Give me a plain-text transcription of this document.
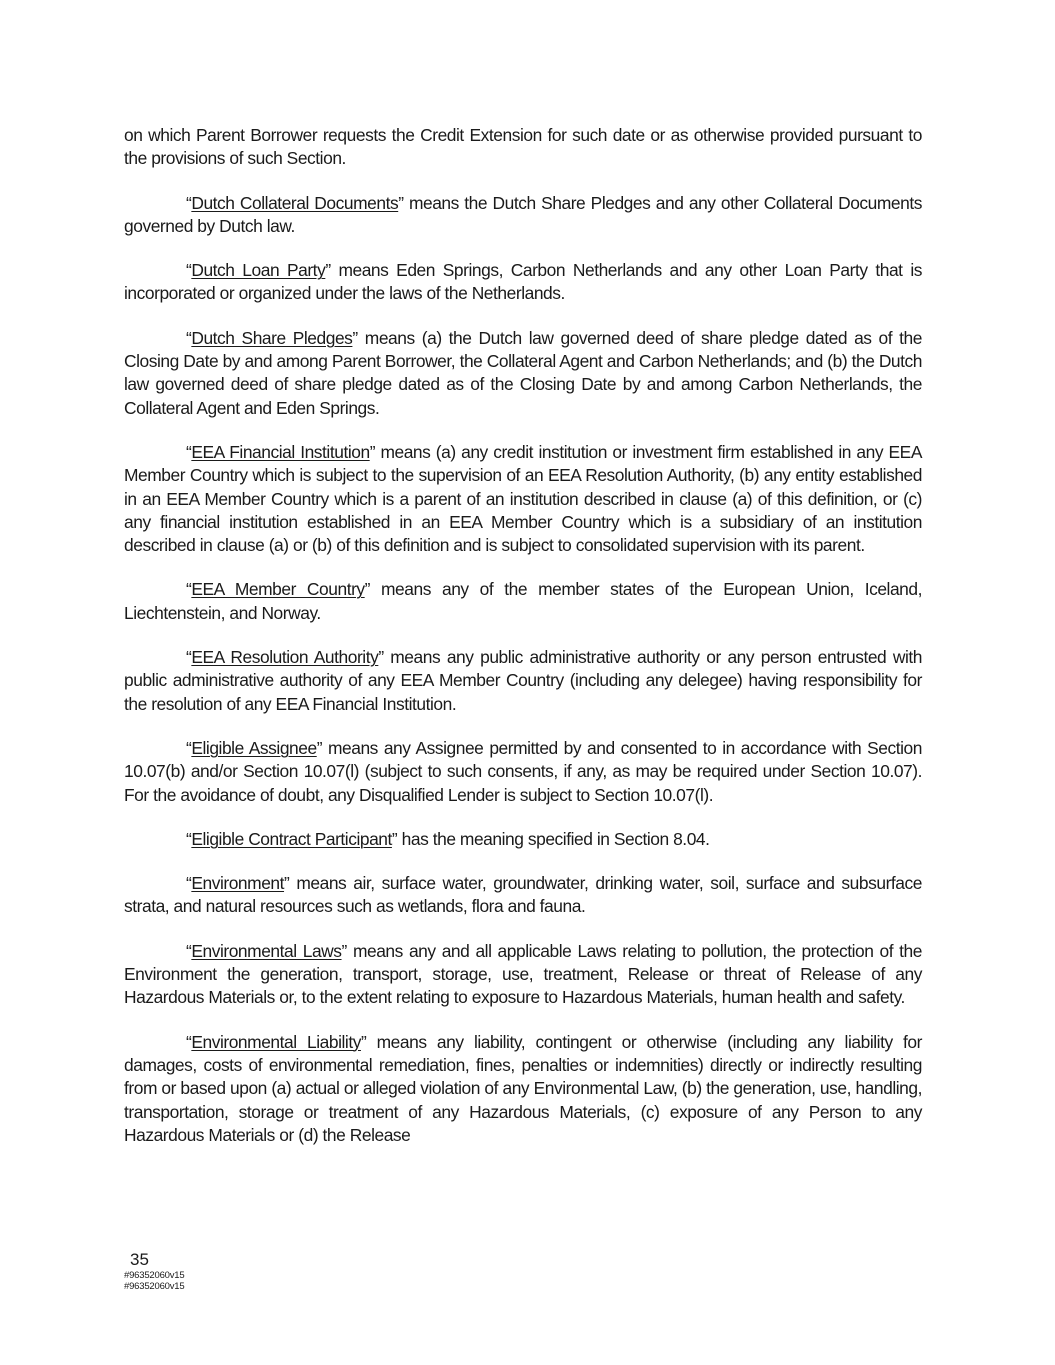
on which Parent Borrower requests the Credit Extension for such date or as otherwise provided pursuant to the provisions of such Section.

“Dutch Collateral Documents” means the Dutch Share Pledges and any other Collateral Documents governed by Dutch law.

“Dutch Loan Party” means Eden Springs, Carbon Netherlands and any other Loan Party that is incorporated or organized under the laws of the Netherlands.

“Dutch Share Pledges” means (a) the Dutch law governed deed of share pledge dated as of the Closing Date by and among Parent Borrower, the Collateral Agent and Carbon Netherlands; and (b) the Dutch law governed deed of share pledge dated as of the Closing Date by and among Carbon Netherlands, the Collateral Agent and Eden Springs.

“EEA Financial Institution” means (a) any credit institution or investment firm established in any EEA Member Country which is subject to the supervision of an EEA Resolution Authority, (b) any entity established in an EEA Member Country which is a parent of an institution described in clause (a) of this definition, or (c) any financial institution established in an EEA Member Country which is a subsidiary of an institution described in clause (a) or (b) of this definition and is subject to consolidated supervision with its parent.

“EEA Member Country” means any of the member states of the European Union, Iceland, Liechtenstein, and Norway.

“EEA Resolution Authority” means any public administrative authority or any person entrusted with public administrative authority of any EEA Member Country (including any delegee) having responsibility for the resolution of any EEA Financial Institution.

“Eligible Assignee” means any Assignee permitted by and consented to in accordance with Section 10.07(b) and/or Section 10.07(l) (subject to such consents, if any, as may be required under Section 10.07). For the avoidance of doubt, any Disqualified Lender is subject to Section 10.07(l).

“Eligible Contract Participant” has the meaning specified in Section 8.04.

“Environment” means air, surface water, groundwater, drinking water, soil, surface and subsurface strata, and natural resources such as wetlands, flora and fauna.

“Environmental Laws” means any and all applicable Laws relating to pollution, the protection of the Environment the generation, transport, storage, use, treatment, Release or threat of Release of any Hazardous Materials or, to the extent relating to exposure to Hazardous Materials, human health and safety.

“Environmental Liability” means any liability, contingent or otherwise (including any liability for damages, costs of environmental remediation, fines, penalties or indemnities) directly or indirectly resulting from or based upon (a) actual or alleged violation of any Environmental Law, (b) the generation, use, handling, transportation, storage or treatment of any Hazardous Materials, (c) exposure of any Person to any Hazardous Materials or (d) the Release

35
#96352060v15
#96352060v15
